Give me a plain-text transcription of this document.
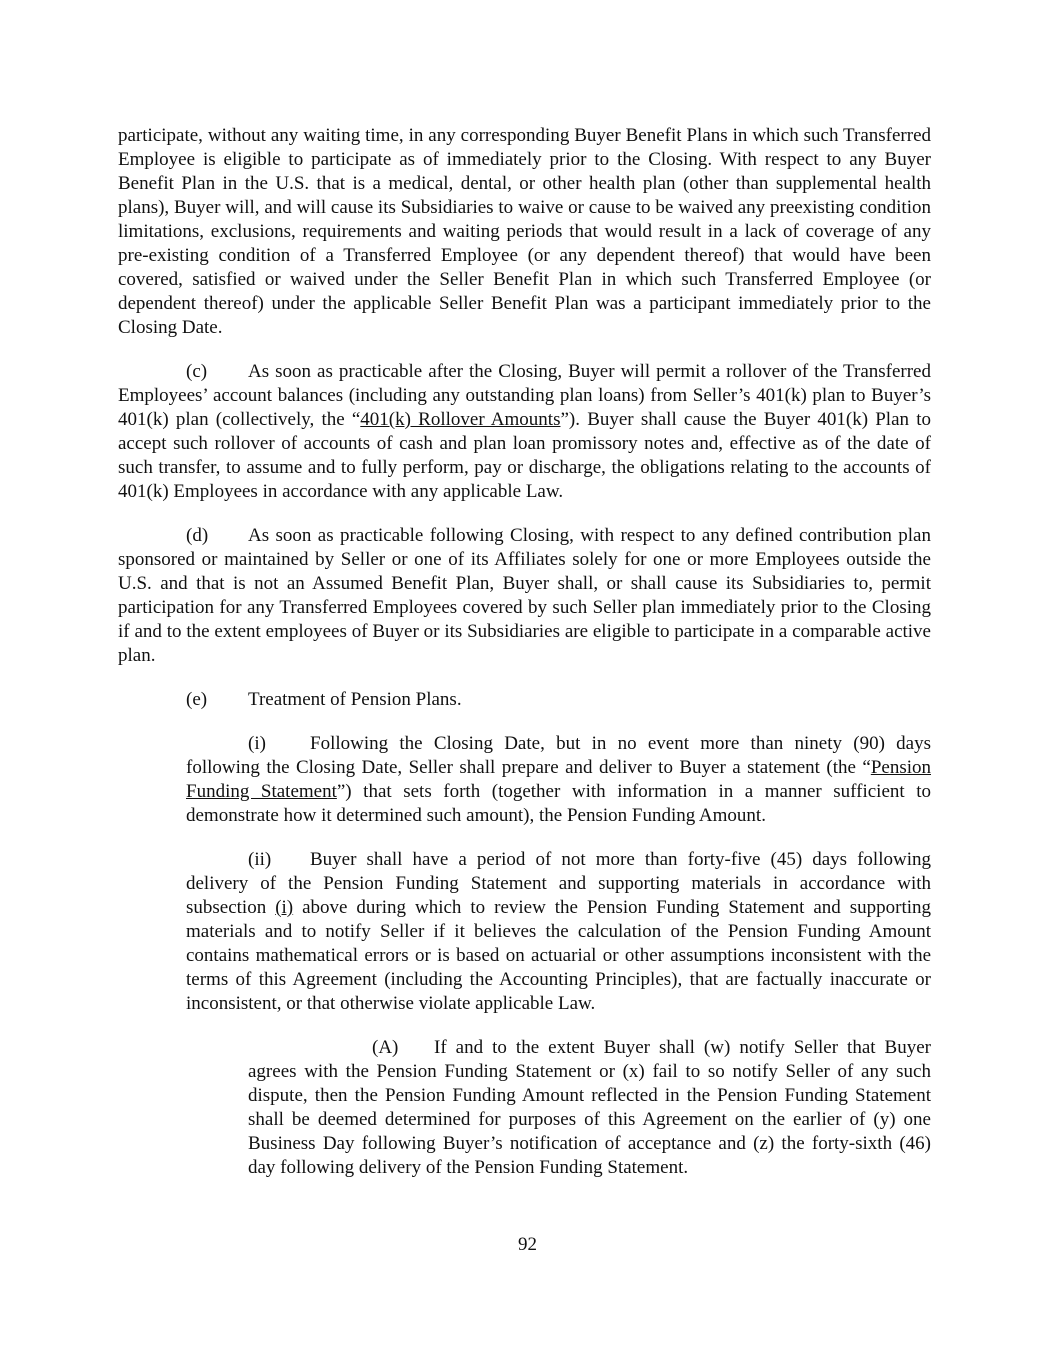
participate, without any waiting time, in any corresponding Buyer Benefit Plans in which such Transferred Employee is eligible to participate as of immediately prior to the Closing. With respect to any Buyer Benefit Plan in the U.S. that is a medical, dental, or other health plan (other than supplemental health plans), Buyer will, and will cause its Subsidiaries to waive or cause to be waived any preexisting condition limitations, exclusions, requirements and waiting periods that would result in a lack of coverage of any pre-existing condition of a Transferred Employee (or any dependent thereof) that would have been covered, satisfied or waived under the Seller Benefit Plan in which such Transferred Employee (or dependent thereof) under the applicable Seller Benefit Plan was a participant immediately prior to the Closing Date.

(c) As soon as practicable after the Closing, Buyer will permit a rollover of the Transferred Employees’ account balances (including any outstanding plan loans) from Seller’s 401(k) plan to Buyer’s 401(k) plan (collectively, the “401(k) Rollover Amounts”). Buyer shall cause the Buyer 401(k) Plan to accept such rollover of accounts of cash and plan loan promissory notes and, effective as of the date of such transfer, to assume and to fully perform, pay or discharge, the obligations relating to the accounts of 401(k) Employees in accordance with any applicable Law.

(d) As soon as practicable following Closing, with respect to any defined contribution plan sponsored or maintained by Seller or one of its Affiliates solely for one or more Employees outside the U.S. and that is not an Assumed Benefit Plan, Buyer shall, or shall cause its Subsidiaries to, permit participation for any Transferred Employees covered by such Seller plan immediately prior to the Closing if and to the extent employees of Buyer or its Subsidiaries are eligible to participate in a comparable active plan.

(e) Treatment of Pension Plans.

(i) Following the Closing Date, but in no event more than ninety (90) days following the Closing Date, Seller shall prepare and deliver to Buyer a statement (the “Pension Funding Statement”) that sets forth (together with information in a manner sufficient to demonstrate how it determined such amount), the Pension Funding Amount.

(ii) Buyer shall have a period of not more than forty-five (45) days following delivery of the Pension Funding Statement and supporting materials in accordance with subsection (i) above during which to review the Pension Funding Statement and supporting materials and to notify Seller if it believes the calculation of the Pension Funding Amount contains mathematical errors or is based on actuarial or other assumptions inconsistent with the terms of this Agreement (including the Accounting Principles), that are factually inaccurate or inconsistent, or that otherwise violate applicable Law.

(A) If and to the extent Buyer shall (w) notify Seller that Buyer agrees with the Pension Funding Statement or (x) fail to so notify Seller of any such dispute, then the Pension Funding Amount reflected in the Pension Funding Statement shall be deemed determined for purposes of this Agreement on the earlier of (y) one Business Day following Buyer’s notification of acceptance and (z) the forty-sixth (46) day following delivery of the Pension Funding Statement.

92
